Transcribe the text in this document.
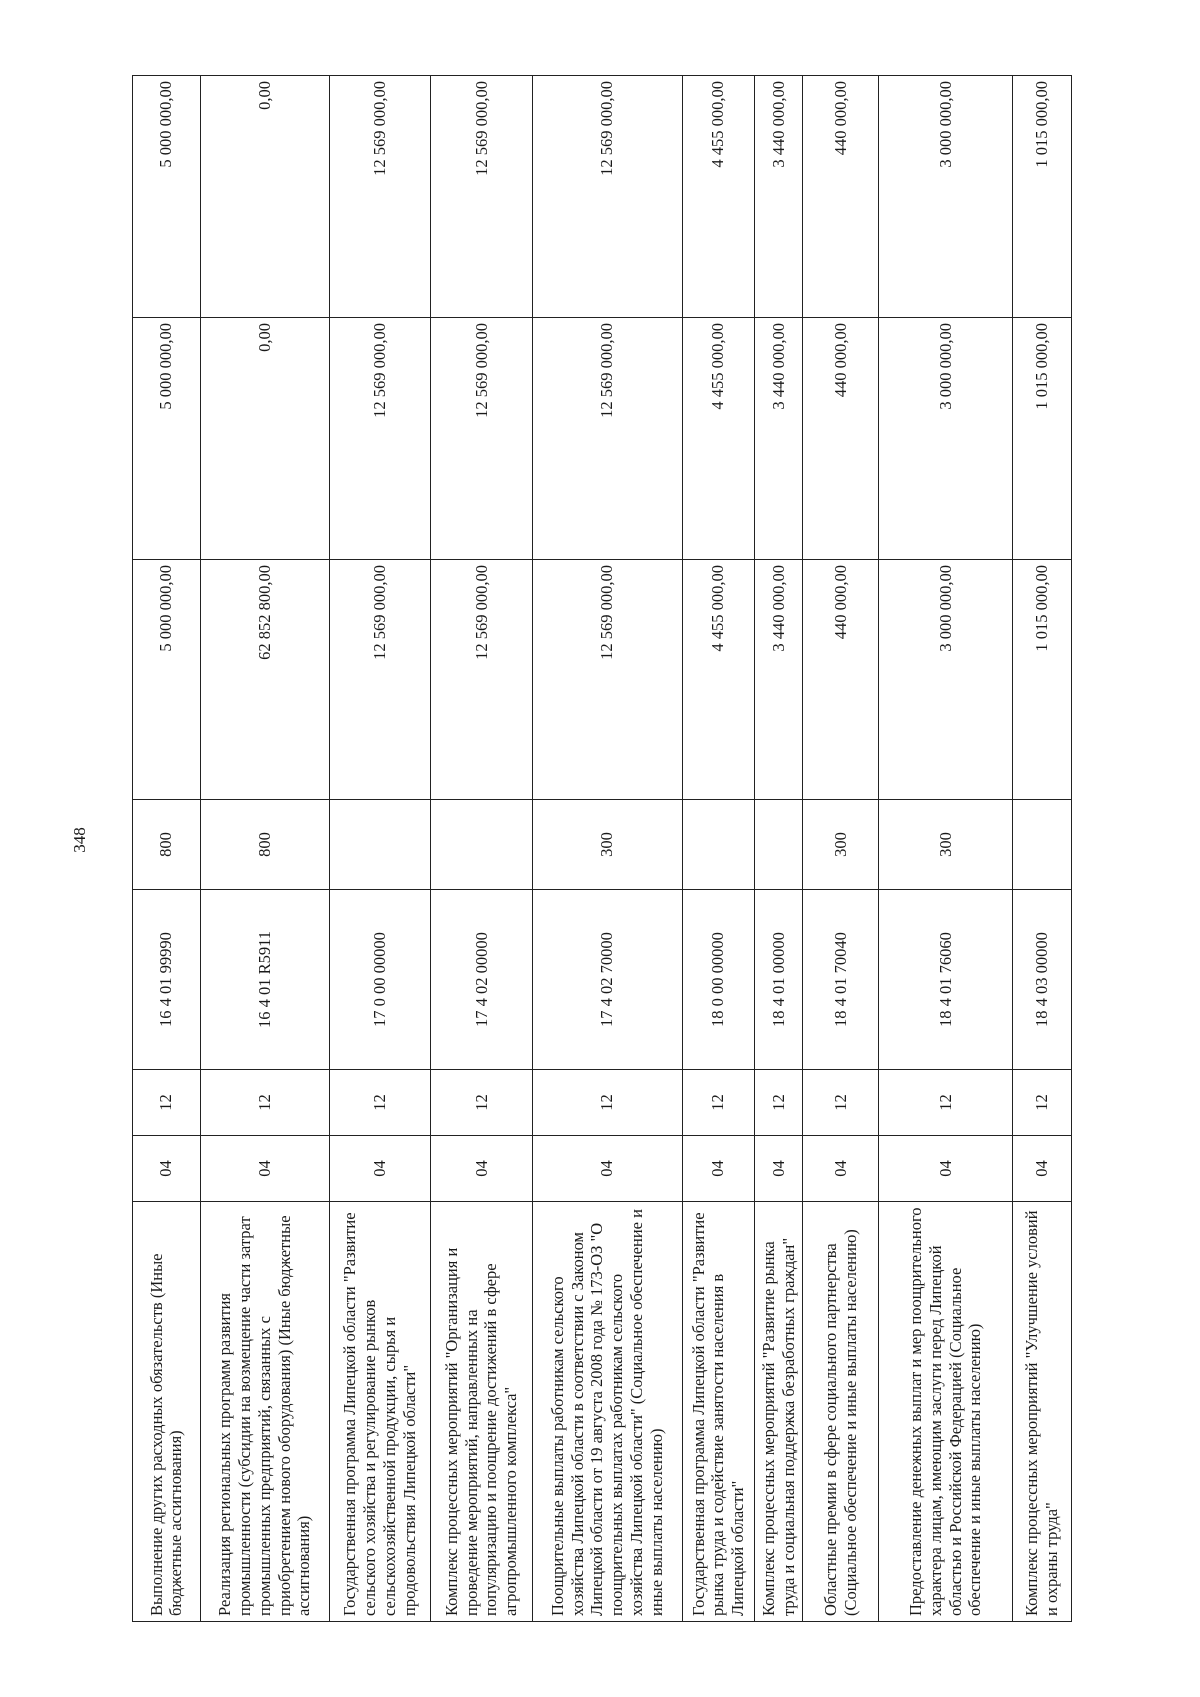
348
Выполнение других расходных обязательств (Иные бюджетные ассигнования)	04	12	16 4 01 99990	800	5 000 000,00	5 000 000,00	5 000 000,00
Реализация региональных программ развития промышленности (субсидии на возмещение части затрат промышленных предприятий, связанных с приобретением нового оборудования) (Иные бюджетные ассигнования)	04	12	16 4 01 R5911	800	62 852 800,00	0,00	0,00
Государственная программа Липецкой области "Развитие сельского хозяйства и регулирование рынков сельскохозяйственной продукции, сырья и продовольствия Липецкой области"	04	12	17 0 00 00000		12 569 000,00	12 569 000,00	12 569 000,00
Комплекс процессных мероприятий "Организация и проведение мероприятий, направленных на популяризацию и поощрение достижений в сфере агропромышленного комплекса"	04	12	17 4 02 00000		12 569 000,00	12 569 000,00	12 569 000,00
Поощрительные выплаты работникам сельского хозяйства Липецкой области в соответствии с Законом Липецкой области от 19 августа 2008 года № 173-ОЗ "О поощрительных выплатах работникам сельского хозяйства Липецкой области" (Социальное обеспечение и иные выплаты населению)	04	12	17 4 02 70000	300	12 569 000,00	12 569 000,00	12 569 000,00
Государственная программа Липецкой области "Развитие рынка труда и содействие занятости населения в Липецкой области"	04	12	18 0 00 00000		4 455 000,00	4 455 000,00	4 455 000,00
Комплекс процессных мероприятий "Развитие рынка труда и социальная поддержка безработных граждан"	04	12	18 4 01 00000		3 440 000,00	3 440 000,00	3 440 000,00
Областные премии в сфере социального партнерства (Социальное обеспечение и иные выплаты населению)	04	12	18 4 01 70040	300	440 000,00	440 000,00	440 000,00
Предоставление денежных выплат и мер поощрительного характера лицам, имеющим заслуги перед Липецкой областью и Российской Федерацией (Социальное обеспечение и иные выплаты населению)	04	12	18 4 01 76060	300	3 000 000,00	3 000 000,00	3 000 000,00
Комплекс процессных мероприятий "Улучшение условий и охраны труда"	04	12	18 4 03 00000		1 015 000,00	1 015 000,00	1 015 000,00
